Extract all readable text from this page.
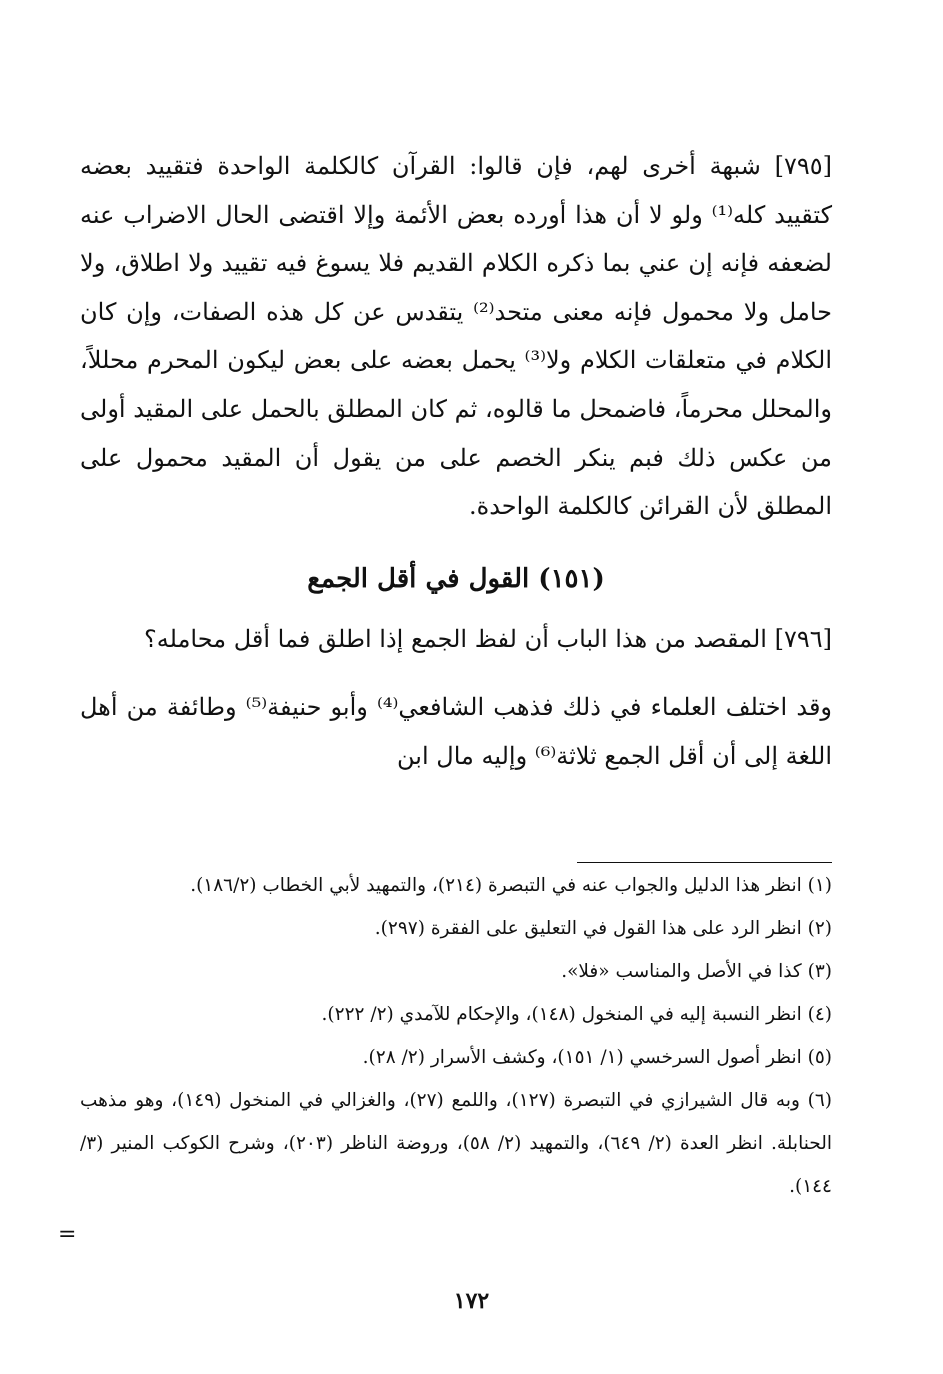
[٧٩٥] شبهة أخرى لهم، فإن قالوا: القرآن كالكلمة الواحدة فتقييد بعضه كتقييد كله⁽¹⁾ ولو لا أن هذا أورده بعض الأئمة وإلا اقتضى الحال الاضراب عنه لضعفه فإنه إن عني بما ذكره الكلام القديم فلا يسوغ فيه تقييد ولا اطلاق، ولا حامل ولا محمول فإنه معنى متحد⁽²⁾ يتقدس عن كل هذه الصفات، وإن كان الكلام في متعلقات الكلام ولا⁽³⁾ يحمل بعضه على بعض ليكون المحرم محللاً، والمحلل محرماً، فاضمحل ما قالوه، ثم كان المطلق بالحمل على المقيد أولى من عكس ذلك فبم ينكر الخصم على من يقول أن المقيد محمول على المطلق لأن القرائن كالكلمة الواحدة.

(١٥١) القول في أقل الجمع

[٧٩٦] المقصد من هذا الباب أن لفظ الجمع إذا اطلق فما أقل محامله؟

وقد اختلف العلماء في ذلك فذهب الشافعي⁽⁴⁾ وأبو حنيفة⁽⁵⁾ وطائفة من أهل اللغة إلى أن أقل الجمع ثلاثة⁽⁶⁾ وإليه مال ابن

(١) انظر هذا الدليل والجواب عنه في التبصرة (٢١٤)، والتمهيد لأبي الخطاب (١٨٦/٢).

(٢) انظر الرد على هذا القول في التعليق على الفقرة (٢٩٧).

(٣) كذا في الأصل والمناسب «فلا».

(٤) انظر النسبة إليه في المنخول (١٤٨)، والإحكام للآمدي (٢/ ٢٢٢).

(٥) انظر أصول السرخسي (١/ ١٥١)، وكشف الأسرار (٢/ ٢٨).

(٦) وبه قال الشيرازي في التبصرة (١٢٧)، واللمع (٢٧)، والغزالي في المنخول (١٤٩)، وهو مذهب الحنابلة. انظر العدة (٢/ ٦٤٩)، والتمهيد (٢/ ٥٨)، وروضة الناظر (٢٠٣)، وشرح الكوكب المنير (٣/ ١٤٤).

=
١٧٢
